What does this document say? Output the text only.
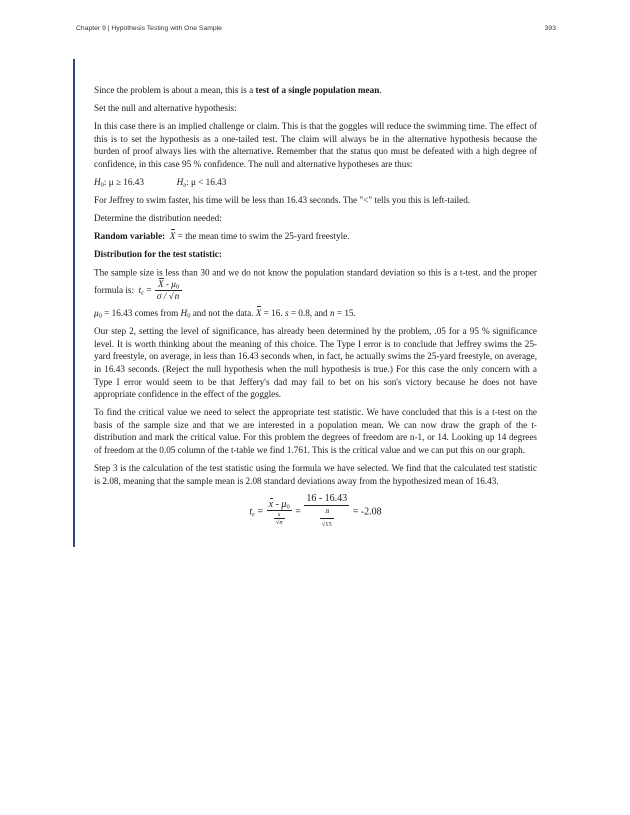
Chapter 9 | Hypothesis Testing with One Sample	393

Since the problem is about a mean, this is a test of a single population mean.

Set the null and alternative hypothesis:

In this case there is an implied challenge or claim. This is that the goggles will reduce the swimming time. The effect of this is to set the hypothesis as a one-tailed test. The claim will always be in the alternative hypothesis because the burden of proof always lies with the alternative. Remember that the status quo must be defeated with a high degree of confidence, in this case 95 % confidence. The null and alternative hypotheses are thus:

$H_0$: μ ≥ 16.43	$H_a$: μ < 16.43

For Jeffrey to swim faster, his time will be less than 16.43 seconds. The "<" tells you this is left-tailed.

Determine the distribution needed:

Random variable: X = the mean time to swim the 25-yard freestyle.

Distribution for the test statistic:

The sample size is less than 30 and we do not know the population standard deviation so this is a t-test. and the proper formula is: $t_c = \frac{X - \mu_0}{\sigma / √n}$

$\mu_0 = 16.43$ comes from $H_0$ and not the data. X = 16. s = 0.8, and n = 15.

Our step 2, setting the level of significance, has already been determined by the problem, .05 for a 95 % significance level. It is worth thinking about the meaning of this choice. The Type I error is to conclude that Jeffrey swims the 25-yard freestyle, on average, in less than 16.43 seconds when, in fact, he actually swims the 25-yard freestyle, on average, in 16.43 seconds. (Reject the null hypothesis when the null hypothesis is true.) For this case the only concern with a Type I error would seem to be that Jeffery's dad may fail to bet on his son's victory because he does not have appropriate confidence in the effect of the goggles.

To find the critical value we need to select the appropriate test statistic. We have concluded that this is a t-test on the basis of the sample size and that we are interested in a population mean. We can now draw the graph of the t-distribution and mark the critical value. For this problem the degrees of freedom are n-1, or 14. Looking up 14 degrees of freedom at the 0.05 column of the t-table we find 1.761. This is the critical value and we can put this on our graph.

Step 3 is the calculation of the test statistic using the formula we have selected. We find that the calculated test statistic is 2.08, meaning that the sample mean is 2.08 standard deviations away from the hypothesized mean of 16.43.

$t_c = \frac{x - \mu_0}{\frac{s}{√n}} = \frac{16 - 16.43}{\frac{.8}{√15}} = -2.08$
